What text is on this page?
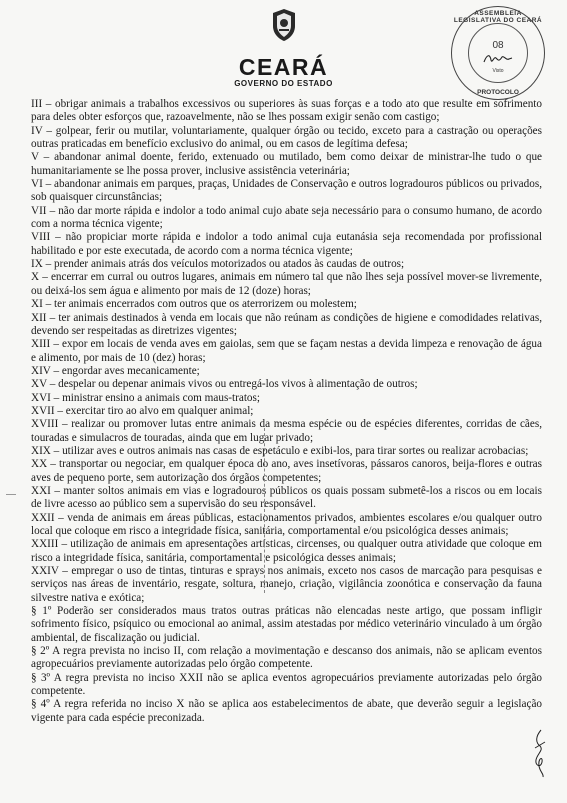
CEARÁ
GOVERNO DO ESTADO
ASSEMBLEIA LEGISLATIVA DO CEARÁ
08
Visto
PROTOCOLO

III – obrigar animais a trabalhos excessivos ou superiores às suas forças e a todo ato que resulte em sofrimento para deles obter esforços que, razoavelmente, não se lhes possam exigir senão com castigo;

IV – golpear, ferir ou mutilar, voluntariamente, qualquer órgão ou tecido, exceto para a castração ou operações outras praticadas em benefício exclusivo do animal, ou em casos de legítima defesa;

V – abandonar animal doente, ferido, extenuado ou mutilado, bem como deixar de ministrar-lhe tudo o que humanitariamente se lhe possa prover, inclusive assistência veterinária;

VI – abandonar animais em parques, praças, Unidades de Conservação e outros logradouros públicos ou privados, sob quaisquer circunstâncias;

VII – não dar morte rápida e indolor a todo animal cujo abate seja necessário para o consumo humano, de acordo com a norma técnica vigente;

VIII – não propiciar morte rápida e indolor a todo animal cuja eutanásia seja recomendada por profissional habilitado e por este executada, de acordo com a norma técnica vigente;

IX – prender animais atrás dos veículos motorizados ou atados às caudas de outros;

X – encerrar em curral ou outros lugares, animais em número tal que não lhes seja possível mover-se livremente, ou deixá-los sem água e alimento por mais de 12 (doze) horas;

XI – ter animais encerrados com outros que os aterrorizem ou molestem;

XII – ter animais destinados à venda em locais que não reúnam as condições de higiene e comodidades relativas, devendo ser respeitadas as diretrizes vigentes;

XIII – expor em locais de venda aves em gaiolas, sem que se façam nestas a devida limpeza e renovação de água e alimento, por mais de 10 (dez) horas;

XIV – engordar aves mecanicamente;

XV – despelar ou depenar animais vivos ou entregá-los vivos à alimentação de outros;

XVI – ministrar ensino a animais com maus-tratos;

XVII – exercitar tiro ao alvo em qualquer animal;

XVIII – realizar ou promover lutas entre animais da mesma espécie ou de espécies diferentes, corridas de cães, touradas e simulacros de touradas, ainda que em lugar privado;

XIX – utilizar aves e outros animais nas casas de espetáculo e exibi-los, para tirar sortes ou realizar acrobacias;

XX – transportar ou negociar, em qualquer época do ano, aves insetívoras, pássaros canoros, beija-flores e outras aves de pequeno porte, sem autorização dos órgãos competentes;

XXI – manter soltos animais em vias e logradouros públicos os quais possam submetê-los a riscos ou em locais de livre acesso ao público sem a supervisão do seu responsável.

XXII – venda de animais em áreas públicas, estacionamentos privados, ambientes escolares e/ou qualquer outro local que coloque em risco a integridade física, sanitária, comportamental e/ou psicológica desses animais;

XXIII – utilização de animais em apresentações artísticas, circenses, ou qualquer outra atividade que coloque em risco a integridade física, sanitária, comportamental e psicológica desses animais;

XXIV – empregar o uso de tintas, tinturas e sprays nos animais, exceto nos casos de marcação para pesquisas e serviços nas áreas de inventário, resgate, soltura, manejo, criação, vigilância zoonótica e conservação da fauna silvestre nativa e exótica;

§ 1º Poderão ser considerados maus tratos outras práticas não elencadas neste artigo, que possam infligir sofrimento físico, psíquico ou emocional ao animal, assim atestadas por médico veterinário vinculado à um órgão ambiental, de fiscalização ou judicial.

§ 2º A regra prevista no inciso II, com relação a movimentação e descanso dos animais, não se aplicam eventos agropecuários previamente autorizadas pelo órgão competente.

§ 3º A regra prevista no inciso XXII não se aplica eventos agropecuários previamente autorizadas pelo órgão competente.

§ 4º A regra referida no inciso X não se aplica aos estabelecimentos de abate, que deverão seguir a legislação vigente para cada espécie preconizada.
